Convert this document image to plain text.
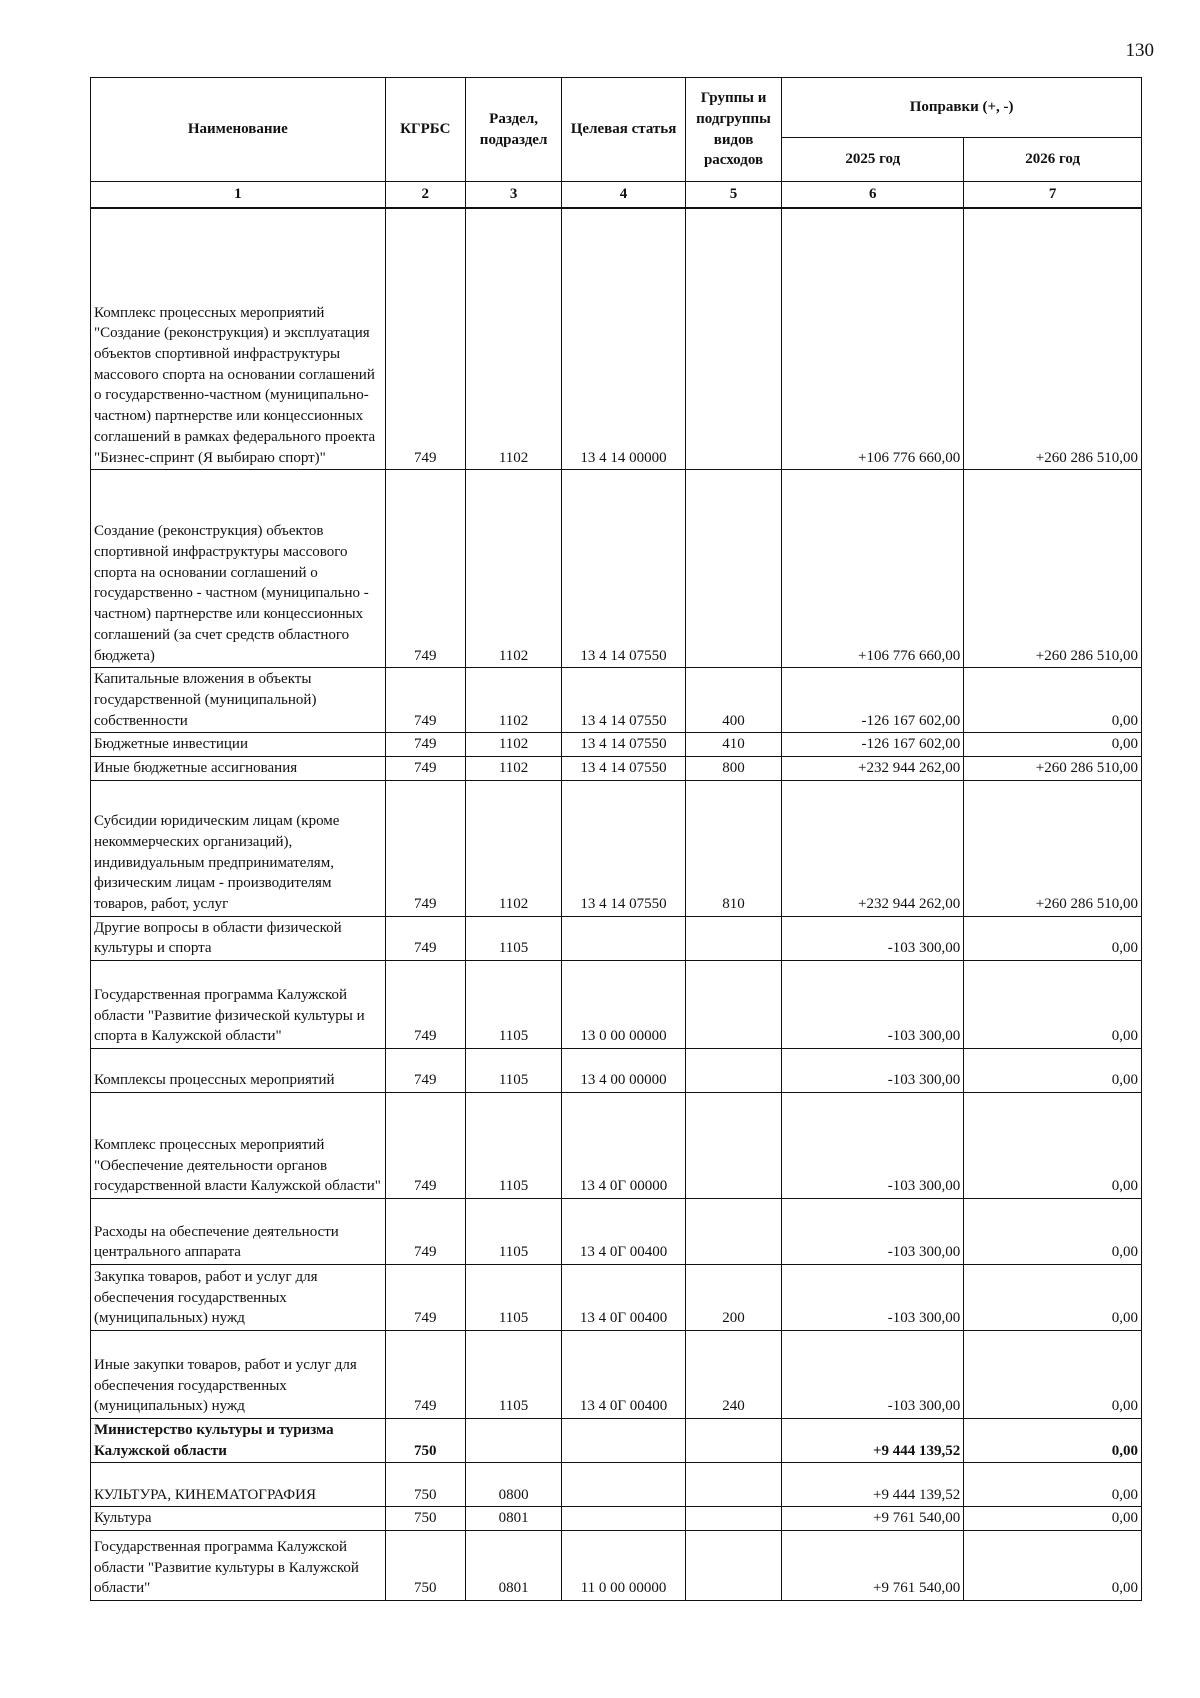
130
Наименование	КГРБС	Раздел, подраздел	Целевая статья	Группы и подгруппы видов расходов	Поправки (+, -)	
					2025 год	2026 год
1	2	3	4	5	6	7
Комплекс процессных мероприятий "Создание (реконструкция) и эксплуатация объектов спортивной инфраструктуры массового спорта на основании соглашений о государственно-частном (муниципально-частном) партнерстве или концессионных соглашений в рамках федерального проекта "Бизнес-спринт (Я выбираю спорт)"	749	1102	13 4 14 00000		+106 776 660,00	+260 286 510,00
Создание (реконструкция) объектов спортивной инфраструктуры массового спорта на основании соглашений о государственно - частном (муниципально - частном) партнерстве или концессионных соглашений (за счет средств областного бюджета)	749	1102	13 4 14 07550		+106 776 660,00	+260 286 510,00
Капитальные вложения в объекты государственной (муниципальной) собственности	749	1102	13 4 14 07550	400	-126 167 602,00	0,00
Бюджетные инвестиции	749	1102	13 4 14 07550	410	-126 167 602,00	0,00
Иные бюджетные ассигнования	749	1102	13 4 14 07550	800	+232 944 262,00	+260 286 510,00
Субсидии юридическим лицам (кроме некоммерческих организаций), индивидуальным предпринимателям, физическим лицам - производителям товаров, работ, услуг	749	1102	13 4 14 07550	810	+232 944 262,00	+260 286 510,00
Другие вопросы в области физической культуры и спорта	749	1105			-103 300,00	0,00
Государственная программа Калужской области "Развитие физической культуры и спорта в Калужской области"	749	1105	13 0 00 00000		-103 300,00	0,00
Комплексы процессных мероприятий	749	1105	13 4 00 00000		-103 300,00	0,00
Комплекс процессных мероприятий "Обеспечение деятельности органов государственной власти Калужской области"	749	1105	13 4 0Г 00000		-103 300,00	0,00
Расходы на обеспечение деятельности центрального аппарата	749	1105	13 4 0Г 00400		-103 300,00	0,00
Закупка товаров, работ и услуг для обеспечения государственных (муниципальных) нужд	749	1105	13 4 0Г 00400	200	-103 300,00	0,00
Иные закупки товаров, работ и услуг для обеспечения государственных (муниципальных) нужд	749	1105	13 4 0Г 00400	240	-103 300,00	0,00
Министерство культуры и туризма Калужской области	750				+9 444 139,52	0,00
КУЛЬТУРА, КИНЕМАТОГРАФИЯ	750	0800			+9 444 139,52	0,00
Культура	750	0801			+9 761 540,00	0,00
Государственная программа Калужской области "Развитие культуры в Калужской области"	750	0801	11 0 00 00000		+9 761 540,00	0,00
